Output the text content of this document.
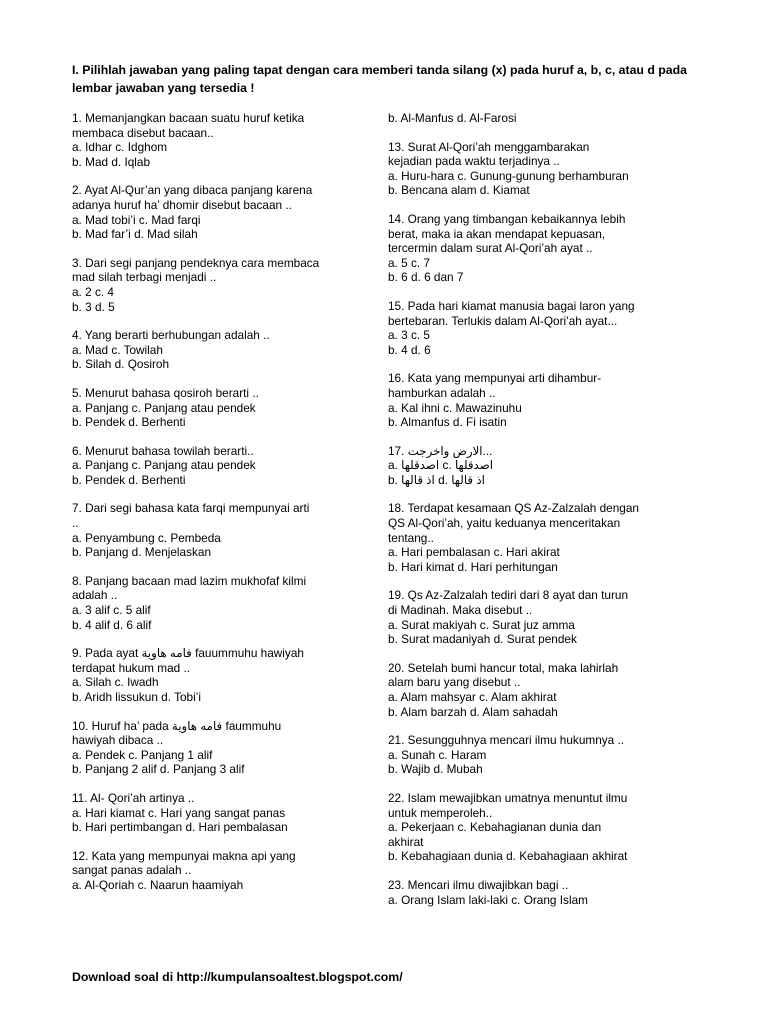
I. Pilihlah jawaban yang paling tapat dengan cara memberi tanda silang (x) pada huruf a, b, c, atau d pada lembar jawaban yang tersedia !
1. Memanjangkan bacaan suatu huruf ketika
membaca disebut bacaan..
a. Idhar c. Idghom
b. Mad d. Iqlab
2. Ayat Al-Qur’an yang dibaca panjang karena
adanya huruf ha’ dhomir disebut bacaan ..
a. Mad tobi’i c. Mad farqi
b. Mad far’i d. Mad silah
3. Dari segi panjang pendeknya cara membaca
mad silah terbagi menjadi ..
a. 2 c. 4
b. 3 d. 5
4. Yang berarti berhubungan adalah ..
a. Mad c. Towilah
b. Silah d. Qosiroh
5. Menurut bahasa qosiroh berarti ..
a. Panjang c. Panjang atau pendek
b. Pendek d. Berhenti
6. Menurut bahasa towilah berarti..
a. Panjang c. Panjang atau pendek
b. Pendek d. Berhenti
7. Dari segi bahasa kata farqi mempunyai arti
..
a. Penyambung c. Pembeda
b. Panjang d. Menjelaskan
8. Panjang bacaan mad lazim mukhofaf kilmi
adalah ..
a. 3 alif c. 5 alif
b. 4 alif d. 6 alif
9. Pada ayat فامه هاوية fauummuhu hawiyah
terdapat hukum mad ..
a. Silah c. Iwadh
b. Aridh lissukun d. Tobi’i
10. Huruf ha’ pada فامه هاوية faummuhu
hawiyah dibaca ..
a. Pendek c. Panjang 1 alif
b. Panjang 2 alif d. Panjang 3 alif
11. Al- Qori’ah artinya ..
a. Hari kiamat c. Hari yang sangat panas
b. Hari pertimbangan d. Hari pembalasan
12. Kata yang mempunyai makna api yang
sangat panas adalah ..
a. Al-Qoriah c. Naarun haamiyah
b. Al-Manfus d. Al-Farosi
13. Surat Al-Qori’ah menggambarakan
kejadian pada waktu terjadinya ..
a. Huru-hara c. Gunung-gunung berhamburan
b. Bencana alam d. Kiamat
14. Orang yang timbangan kebaikannya lebih
berat, maka ia akan mendapat kepuasan,
tercermin dalam surat Al-Qori’ah ayat ..
a. 5 c. 7
b. 6 d. 6 dan 7
15. Pada hari kiamat manusia bagai laron yang
bertebaran. Terlukis dalam Al-Qori’ah ayat...
a. 3 c. 5
b. 4 d. 6
16. Kata yang mempunyai arti dihambur-
hamburkan adalah ..
a. Kal ihni c. Mawazinuhu
b. Almanfus d. Fi isatin
17. الارض واخرجت...
a. اصدقلها c. اصدقلها
b. اذ قالها d. اذ قالها
18. Terdapat kesamaan QS Az-Zalzalah dengan
QS Al-Qori’ah, yaitu keduanya menceritakan
tentang..
a. Hari pembalasan c. Hari akirat
b. Hari kimat d. Hari perhitungan
19. Qs Az-Zalzalah tediri dari 8 ayat dan turun
di Madinah. Maka disebut ..
a. Surat makiyah c. Surat juz amma
b. Surat madaniyah d. Surat pendek
20. Setelah bumi hancur total, maka lahirlah
alam baru yang disebut ..
a. Alam mahsyar c. Alam akhirat
b. Alam barzah d. Alam sahadah
21. Sesungguhnya mencari ilmu hukumnya ..
a. Sunah c. Haram
b. Wajib d. Mubah
22. Islam mewajibkan umatnya menuntut ilmu
untuk memperoleh..
a. Pekerjaan c. Kebahagianan dunia dan
akhirat
b. Kebahagiaan dunia d. Kebahagiaan akhirat
23. Mencari ilmu diwajibkan bagi ..
a. Orang Islam laki-laki c. Orang Islam
Download soal di http://kumpulansoaltest.blogspot.com/
